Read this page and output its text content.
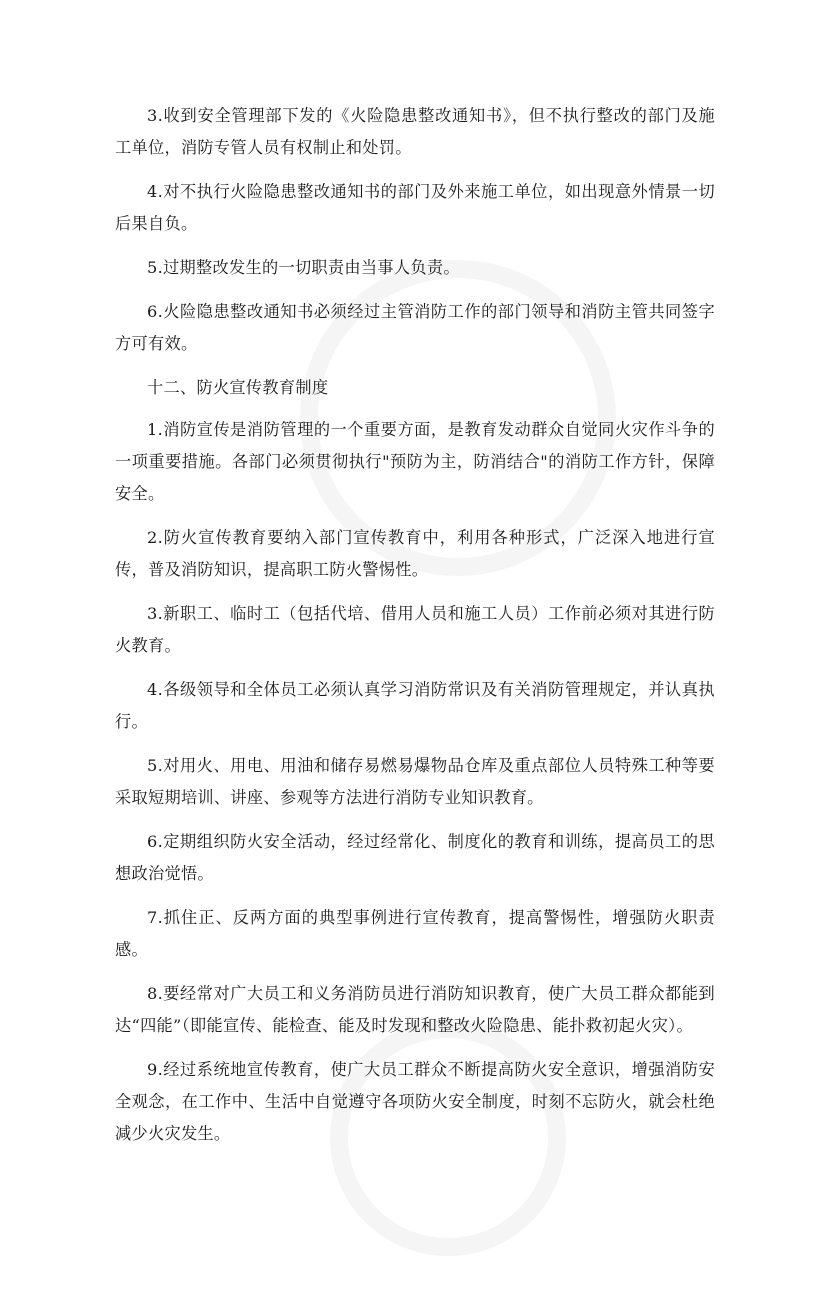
3.收到安全管理部下发的《火险隐患整改通知书》，但不执行整改的部门及施工单位，消防专管人员有权制止和处罚。

4.对不执行火险隐患整改通知书的部门及外来施工单位，如出现意外情景一切后果自负。

5.过期整改发生的一切职责由当事人负责。

6.火险隐患整改通知书必须经过主管消防工作的部门领导和消防主管共同签字方可有效。

十二、防火宣传教育制度

1.消防宣传是消防管理的一个重要方面，是教育发动群众自觉同火灾作斗争的一项重要措施。各部门必须贯彻执行"预防为主，防消结合"的消防工作方针，保障安全。

2.防火宣传教育要纳入部门宣传教育中，利用各种形式，广泛深入地进行宣传，普及消防知识，提高职工防火警惕性。

3.新职工、临时工（包括代培、借用人员和施工人员）工作前必须对其进行防火教育。

4.各级领导和全体员工必须认真学习消防常识及有关消防管理规定，并认真执行。

5.对用火、用电、用油和储存易燃易爆物品仓库及重点部位人员特殊工种等要采取短期培训、讲座、参观等方法进行消防专业知识教育。

6.定期组织防火安全活动，经过经常化、制度化的教育和训练，提高员工的思想政治觉悟。

7.抓住正、反两方面的典型事例进行宣传教育，提高警惕性，增强防火职责感。

8.要经常对广大员工和义务消防员进行消防知识教育，使广大员工群众都能到达“四能”（即能宣传、能检查、能及时发现和整改火险隐患、能扑救初起火灾）。

9.经过系统地宣传教育，使广大员工群众不断提高防火安全意识，增强消防安全观念，在工作中、生活中自觉遵守各项防火安全制度，时刻不忘防火，就会杜绝减少火灾发生。
